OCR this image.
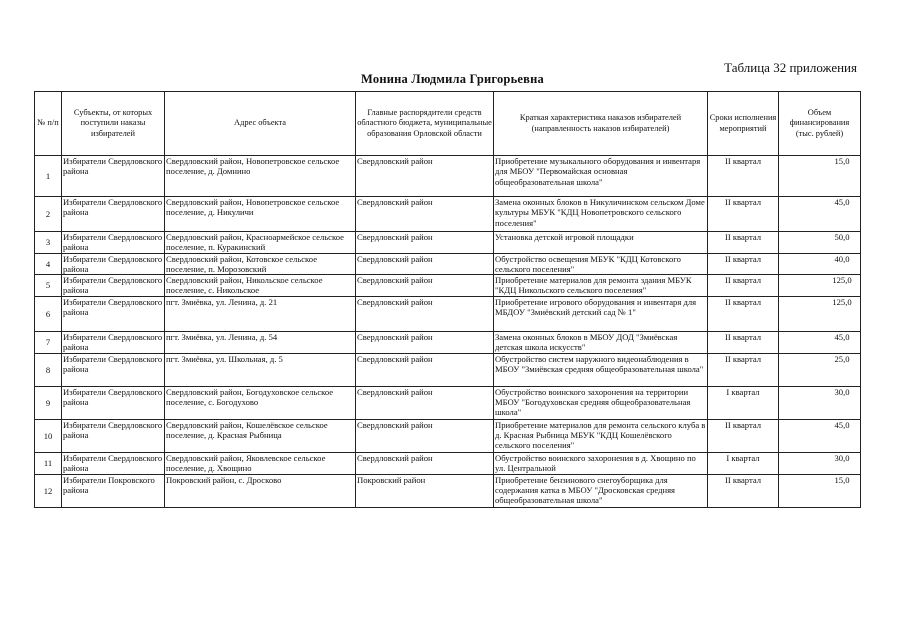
Таблица 32 приложения
Монина Людмила Григорьевна
№ п/п	Субъекты, от которых поступили наказы избирателей	Адрес объекта	Главные распорядители средств областного бюджета, муниципальные образования Орловской области	Краткая характеристика наказов избирателей (направленность наказов избирателей)	Сроки исполнения мероприятий	Объем финансирования (тыс. рублей)
1	Избиратели Свердловского района	Свердловский район, Новопетровское сельское поселение, д. Домнино	Свердловский район	Приобретение музыкального оборудования и инвентаря для МБОУ "Первомайская основная общеобразовательная школа"	II квартал	15,0
2	Избиратели Свердловского района	Свердловский район, Новопетровское сельское поселение, д. Никуличи	Свердловский район	Замена оконных блоков в Никуличинском сельском Доме культуры МБУК "КДЦ Новопетровского сельского поселения"	II квартал	45,0
3	Избиратели Свердловского района	Свердловский район, Красноармейское сельское поселение, п. Куракинский	Свердловский район	Установка детской игровой площадки	II квартал	50,0
4	Избиратели Свердловского района	Свердловский район, Котовское сельское поселение, п. Морозовский	Свердловский район	Обустройство освещения МБУК "КДЦ Котовского сельского поселения"	II квартал	40,0
5	Избиратели Свердловского района	Свердловский район, Никольское сельское поселение, с. Никольское	Свердловский район	Приобретение материалов для ремонта здания МБУК "КДЦ Никольского сельского поселения"	II квартал	125,0
6	Избиратели Свердловского района	пгт. Змиёвка, ул. Ленина, д. 21	Свердловский район	Приобретение игрового оборудования и инвентаря для МБДОУ "Змиёвский детский сад № 1"	II квартал	125,0
7	Избиратели Свердловского района	пгт. Змиёвка, ул. Ленина, д. 54	Свердловский район	Замена оконных блоков в МБОУ ДОД "Змиёвская детская школа искусств"	II квартал	45,0
8	Избиратели Свердловского района	пгт. Змиёвка, ул. Школьная, д. 5	Свердловский район	Обустройство систем наружного видеонаблюдения в МБОУ "Змиёвская средняя общеобразовательная школа"	II квартал	25,0
9	Избиратели Свердловского района	Свердловский район, Богодуховское сельское поселение, с. Богодухово	Свердловский район	Обустройство воинского захоронения на территории МБОУ "Богодуховская средняя общеобразовательная школа"	I квартал	30,0
10	Избиратели Свердловского района	Свердловский район, Кошелёвское сельское поселение, д. Красная Рыбница	Свердловский район	Приобретение материалов для ремонта сельского клуба в д. Красная Рыбница МБУК "КДЦ Кошелёвского сельского поселения"	II квартал	45,0
11	Избиратели Свердловского района	Свердловский район, Яковлевское сельское поселение, д. Хвощино	Свердловский район	Обустройство воинского захоронения в д. Хвощино по ул. Центральной	I квартал	30,0
12	Избиратели Покровского района	Покровский район, с. Дросково	Покровский район	Приобретение бензинового снегоуборщика для содержания катка в МБОУ "Дросковская средняя общеобразовательная школа"	II квартал	15,0
